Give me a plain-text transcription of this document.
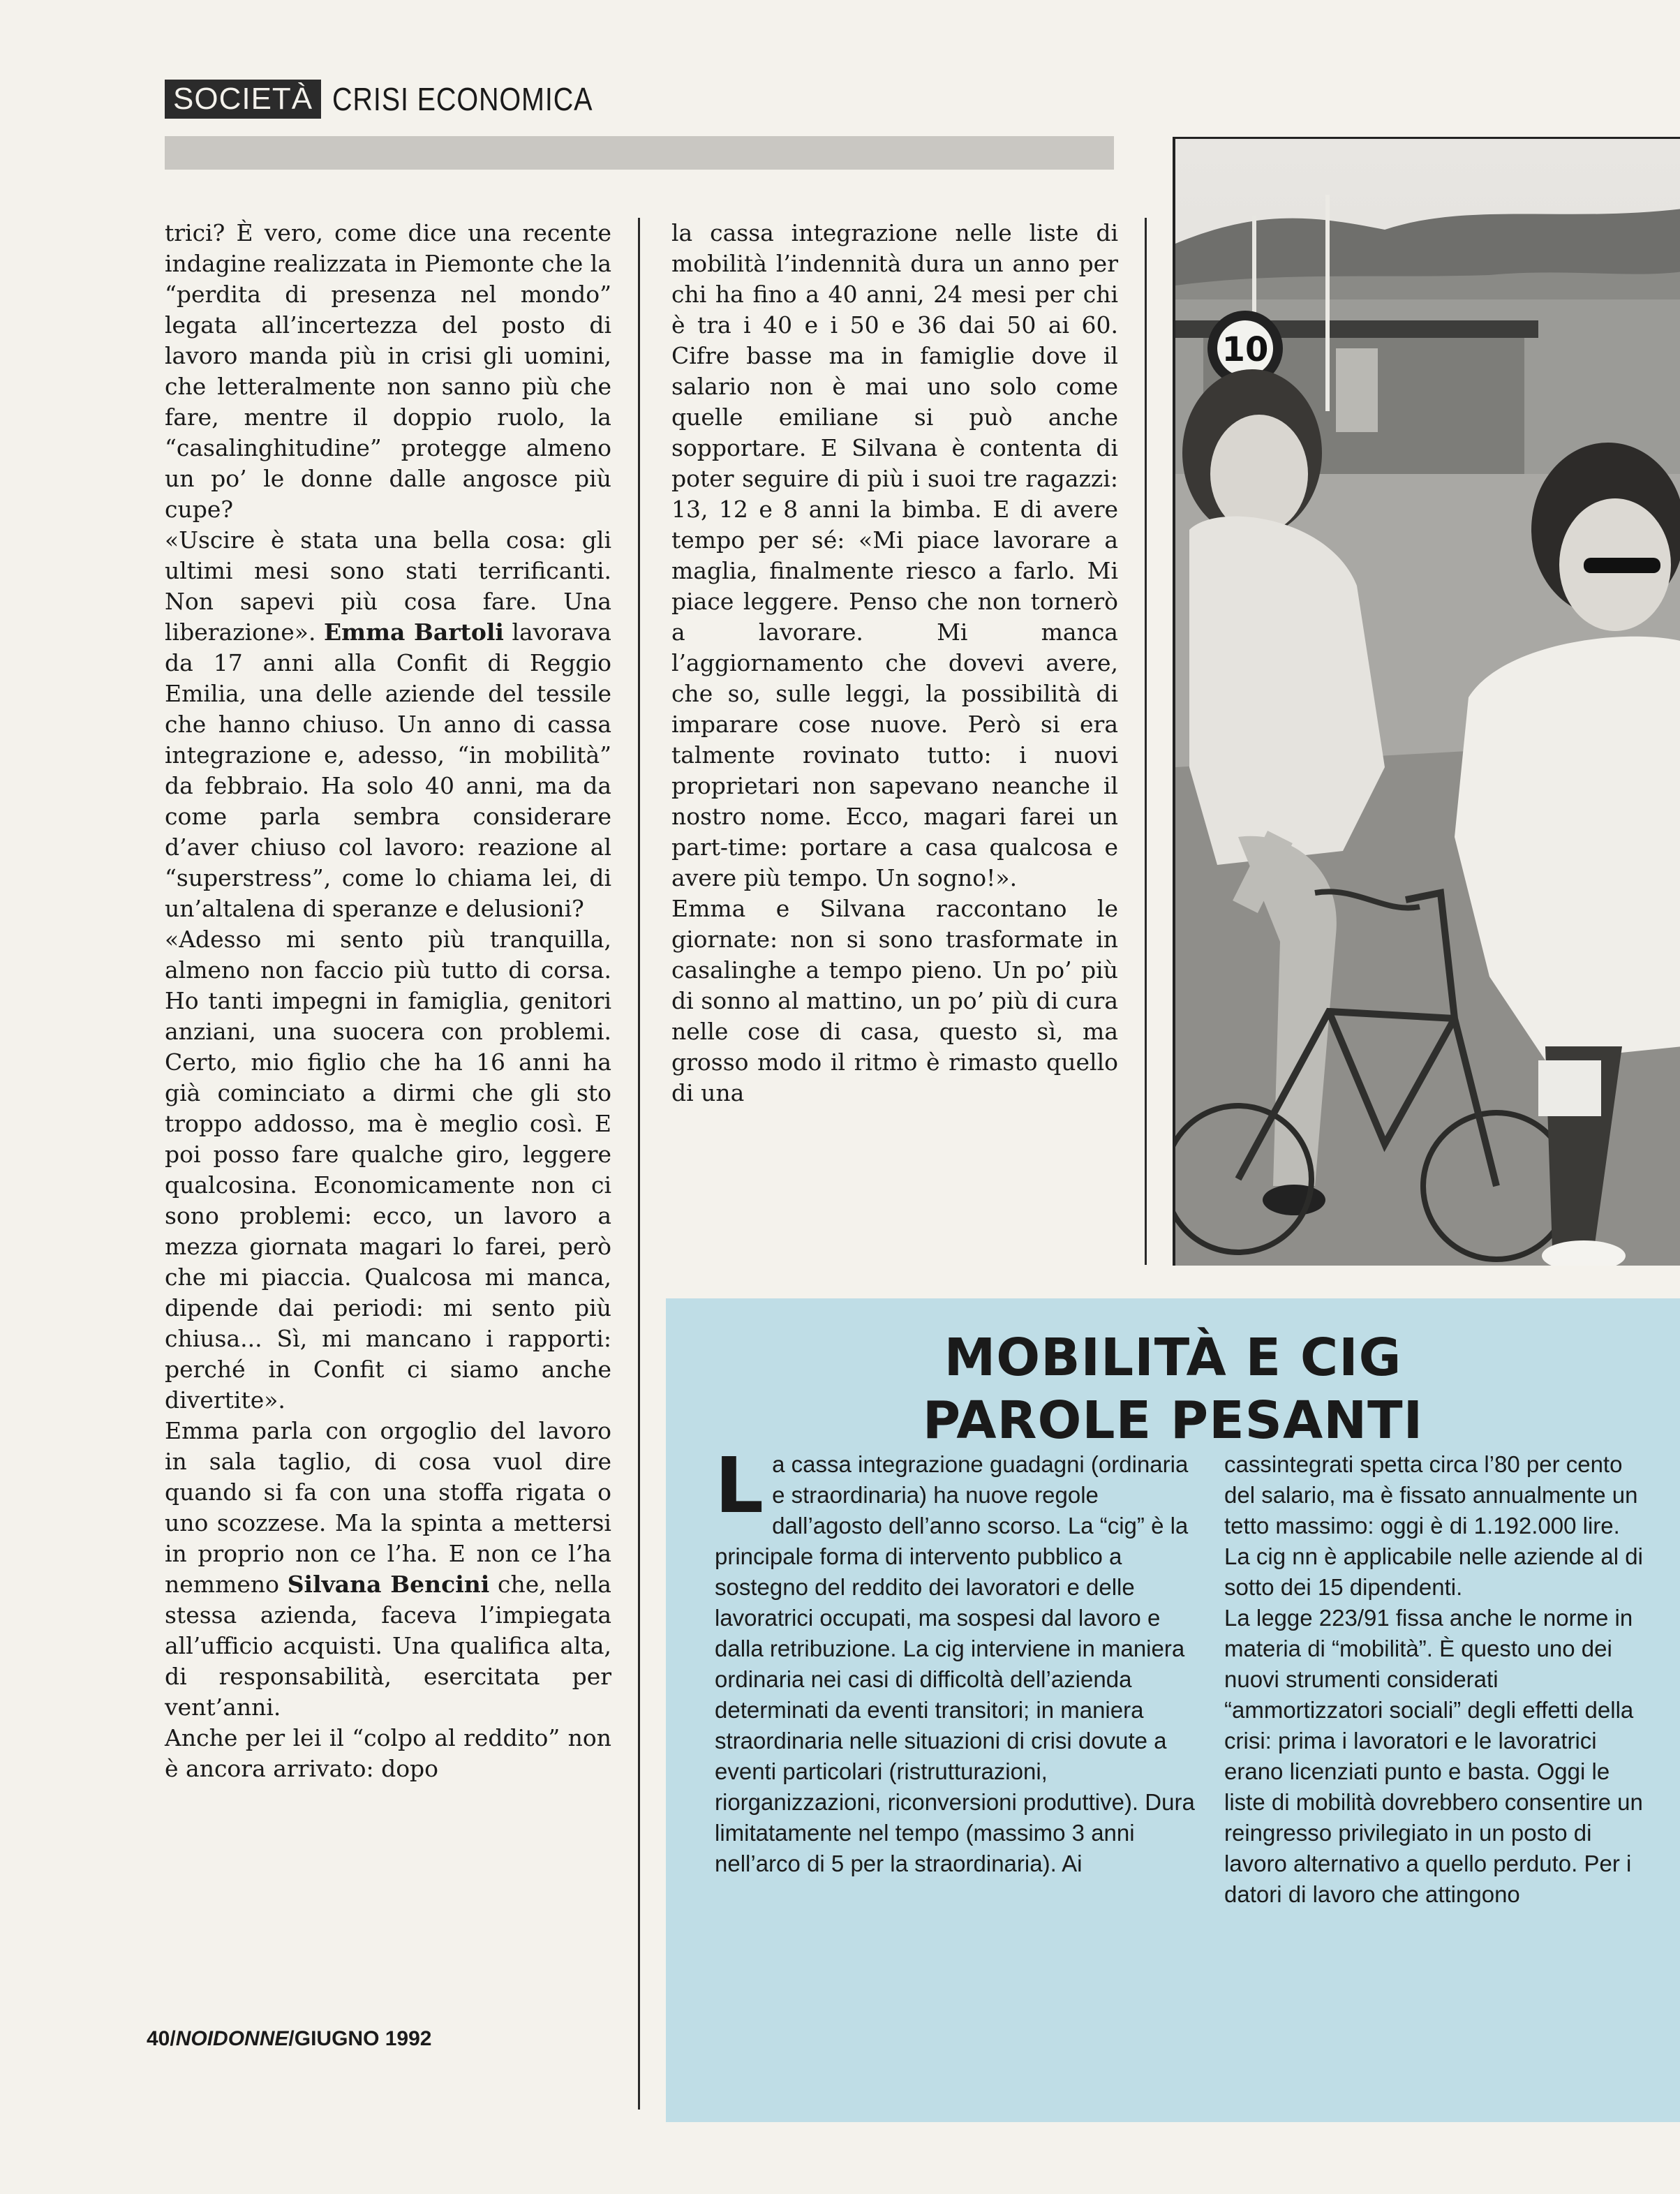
SOCIETÀ CRISI ECONOMICA

trici? È vero, come dice una recente indagine realizzata in Piemonte che la “perdita di presenza nel mondo” legata all’incertezza del posto di lavoro manda più in crisi gli uomini, che letteralmente non sanno più che fare, mentre il doppio ruolo, la “casalinghitudine” protegge almeno un po’ le donne dalle angosce più cupe?

«Uscire è stata una bella cosa: gli ultimi mesi sono stati terrificanti. Non sapevi più cosa fare. Una liberazione». Emma Bartoli lavorava da 17 anni alla Confit di Reggio Emilia, una delle aziende del tessile che hanno chiuso. Un anno di cassa integrazione e, adesso, “in mobilità” da febbraio. Ha solo 40 anni, ma da come parla sembra considerare d’aver chiuso col lavoro: reazione al “superstress”, come lo chiama lei, di un’altalena di speranze e delusioni?

«Adesso mi sento più tranquilla, almeno non faccio più tutto di corsa. Ho tanti impegni in famiglia, genitori anziani, una suocera con problemi. Certo, mio figlio che ha 16 anni ha già cominciato a dirmi che gli sto troppo addosso, ma è meglio così. E poi posso fare qualche giro, leggere qualcosina. Economicamente non ci sono problemi: ecco, un lavoro a mezza giornata magari lo farei, però che mi piaccia. Qualcosa mi manca, dipende dai periodi: mi sento più chiusa... Sì, mi mancano i rapporti: perché in Confit ci siamo anche divertite».

Emma parla con orgoglio del lavoro in sala taglio, di cosa vuol dire quando si fa con una stoffa rigata o uno scozzese. Ma la spinta a mettersi in proprio non ce l’ha. E non ce l’ha nemmeno Silvana Bencini che, nella stessa azienda, faceva l’impiegata all’ufficio acquisti. Una qualifica alta, di responsabilità, esercitata per vent’anni.

Anche per lei il “colpo al reddito” non è ancora arrivato: dopo

la cassa integrazione nelle liste di mobilità l’indennità dura un anno per chi ha fino a 40 anni, 24 mesi per chi è tra i 40 e i 50 e 36 dai 50 ai 60. Cifre basse ma in famiglie dove il salario non è mai uno solo come quelle emiliane si può anche sopportare. E Silvana è contenta di poter seguire di più i suoi tre ragazzi: 13, 12 e 8 anni la bimba. E di avere tempo per sé: «Mi piace lavorare a maglia, finalmente riesco a farlo. Mi piace leggere. Penso che non tornerò a lavorare. Mi manca l’aggiornamento che dovevi avere, che so, sulle leggi, la possibilità di imparare cose nuove. Però si era talmente rovinato tutto: i nuovi proprietari non sapevano neanche il nostro nome. Ecco, magari farei un part-time: portare a casa qualcosa e avere più tempo. Un sogno!».

Emma e Silvana raccontano le giornate: non si sono trasformate in casalinghe a tempo pieno. Un po’ più di sonno al mattino, un po’ più di cura nelle cose di casa, questo sì, ma grosso modo il ritmo è rimasto quello di una

10
MOBILITÀ E CIG
PAROLE PESANTI

La cassa integrazione guadagni (ordinaria e straordinaria) ha nuove regole dall’agosto dell’anno scorso. La “cig” è la principale forma di intervento pubblico a sostegno del reddito dei lavoratori e delle lavoratrici occupati, ma sospesi dal lavoro e dalla retribuzione. La cig interviene in maniera ordinaria nei casi di difficoltà dell’azienda determinati da eventi transitori; in maniera straordinaria nelle situazioni di crisi dovute a eventi particolari (ristrutturazioni, riorganizzazioni, riconversioni produttive). Dura limitatamente nel tempo (massimo 3 anni nell’arco di 5 per la straordinaria). Ai

cassintegrati spetta circa l’80 per cento del salario, ma è fissato annualmente un tetto massimo: oggi è di 1.192.000 lire. La cig nn è applicabile nelle aziende al di sotto dei 15 dipendenti.

La legge 223/91 fissa anche le norme in materia di “mobilità”. È questo uno dei nuovi strumenti considerati “ammortizzatori sociali” degli effetti della crisi: prima i lavoratori e le lavoratrici erano licenziati punto e basta. Oggi le liste di mobilità dovrebbero consentire un reingresso privilegiato in un posto di lavoro alternativo a quello perduto. Per i datori di lavoro che attingono

40/NOIDONNE/GIUGNO 1992
